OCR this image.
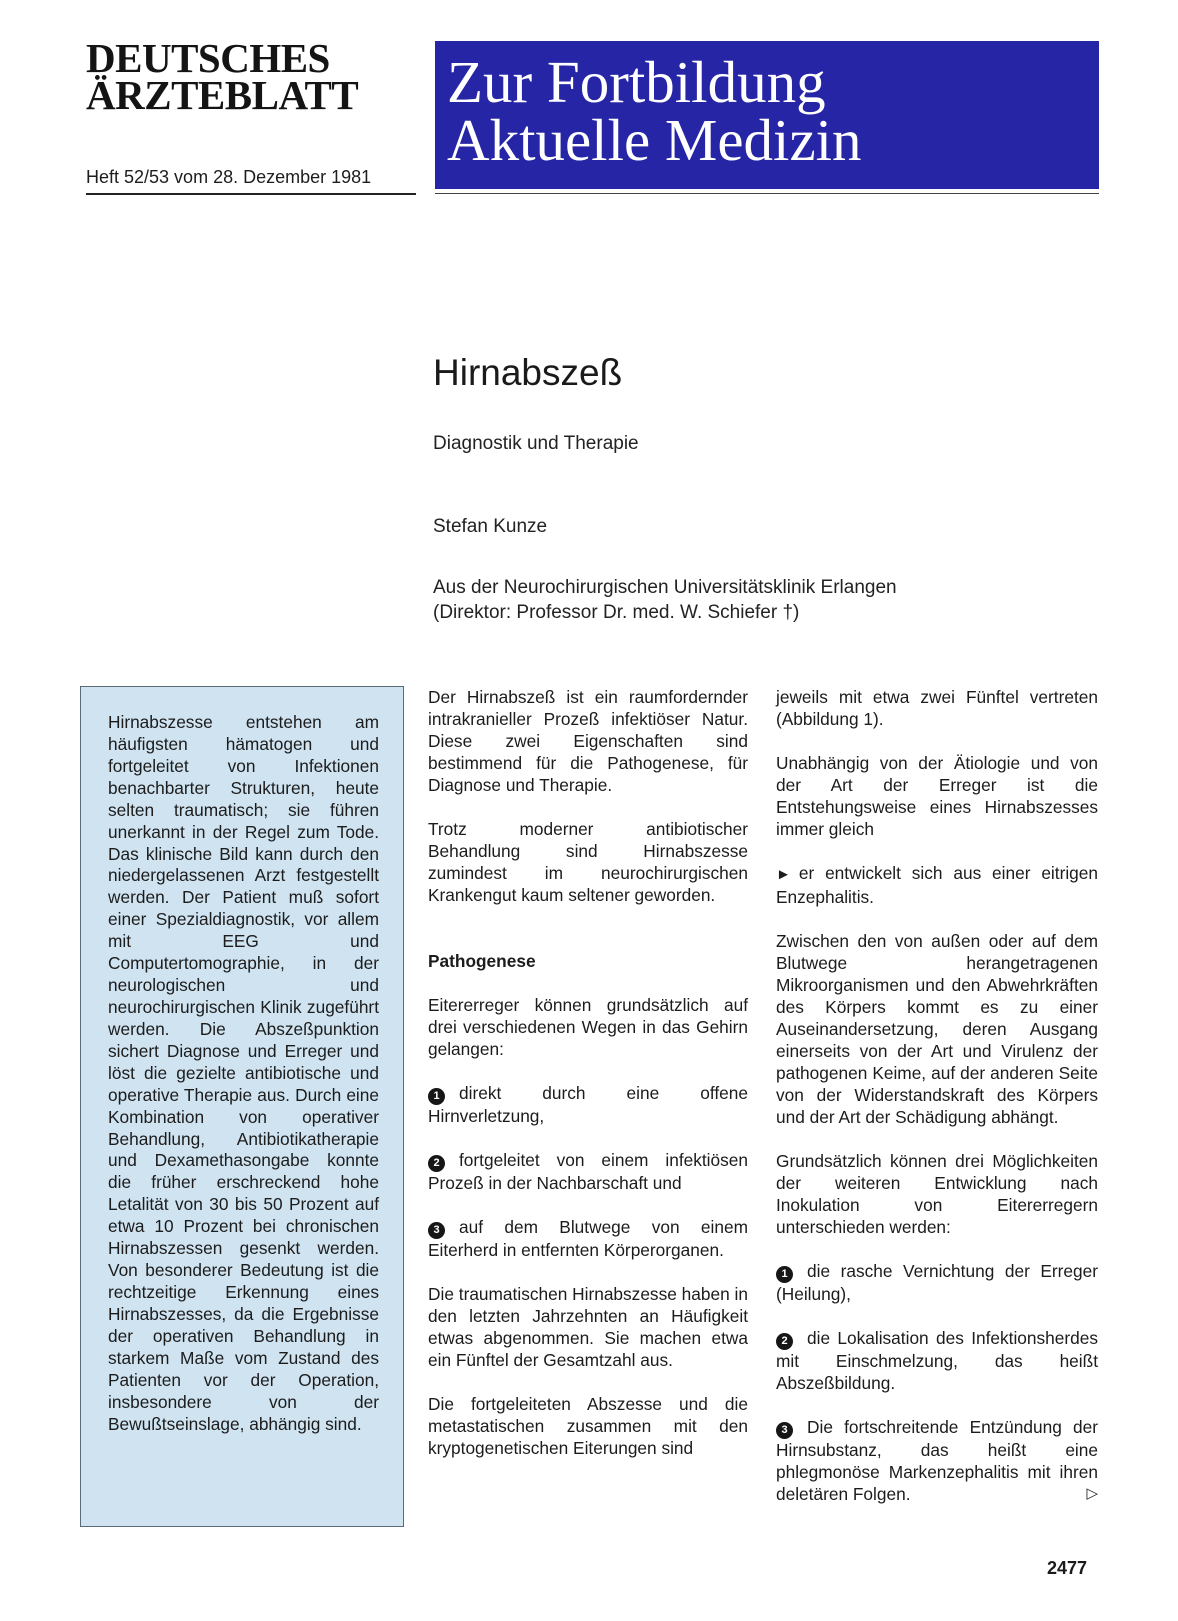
DEUTSCHES
ÄRZTEBLATT
Heft 52/53 vom 28. Dezember 1981
Zur Fortbildung
Aktuelle Medizin
Hirnabszeß
Diagnostik und Therapie
Stefan Kunze
Aus der Neurochirurgischen Universitätsklinik Erlangen
(Direktor: Professor Dr. med. W. Schiefer †)

Hirnabszesse entstehen am häufigsten hämatogen und fortgeleitet von Infektionen benachbarter Strukturen, heute selten traumatisch; sie führen unerkannt in der Regel zum Tode. Das klinische Bild kann durch den niedergelassenen Arzt festgestellt werden. Der Patient muß sofort einer Spezialdiagnostik, vor allem mit EEG und Computertomographie, in der neurologischen und neurochirurgischen Klinik zugeführt werden. Die Abszeßpunktion sichert Diagnose und Erreger und löst die gezielte antibiotische und operative Therapie aus. Durch eine Kombination von operativer Behandlung, Antibiotikatherapie und Dexamethasongabe konnte die früher erschreckend hohe Letalität von 30 bis 50 Prozent auf etwa 10 Prozent bei chronischen Hirnabszessen gesenkt werden. Von besonderer Bedeutung ist die rechtzeitige Erkennung eines Hirnabszesses, da die Ergebnisse der operativen Behandlung in starkem Maße vom Zustand des Patienten vor der Operation, insbesondere von der Bewußtseinslage, abhängig sind.

Der Hirnabszeß ist ein raumfordernder intrakranieller Prozeß infektiöser Natur. Diese zwei Eigenschaften sind bestimmend für die Pathogenese, für Diagnose und Therapie.

Trotz moderner antibiotischer Behandlung sind Hirnabszesse zumindest im neurochirurgischen Krankengut kaum seltener geworden.

Pathogenese

Eitererreger können grundsätzlich auf drei verschiedenen Wegen in das Gehirn gelangen:

1 direkt durch eine offene Hirnverletzung,

2 fortgeleitet von einem infektiösen Prozeß in der Nachbarschaft und

3 auf dem Blutwege von einem Eiterherd in entfernten Körperorganen.

Die traumatischen Hirnabszesse haben in den letzten Jahrzehnten an Häufigkeit etwas abgenommen. Sie machen etwa ein Fünftel der Gesamtzahl aus.

Die fortgeleiteten Abszesse und die metastatischen zusammen mit den kryptogenetischen Eiterungen sind

jeweils mit etwa zwei Fünftel vertreten (Abbildung 1).

Unabhängig von der Ätiologie und von der Art der Erreger ist die Entstehungsweise eines Hirnabszesses immer gleich

► er entwickelt sich aus einer eitrigen Enzephalitis.

Zwischen den von außen oder auf dem Blutwege herangetragenen Mikroorganismen und den Abwehrkräften des Körpers kommt es zu einer Auseinandersetzung, deren Ausgang einerseits von der Art und Virulenz der pathogenen Keime, auf der anderen Seite von der Widerstandskraft des Körpers und der Art der Schädigung abhängt.

Grundsätzlich können drei Möglichkeiten der weiteren Entwicklung nach Inokulation von Eitererregern unterschieden werden:

1 die rasche Vernichtung der Erreger (Heilung),

2 die Lokalisation des Infektionsherdes mit Einschmelzung, das heißt Abszeßbildung.

3 Die fortschreitende Entzündung der Hirnsubstanz, das heißt eine phlegmonöse Markenzephalitis mit ihren deletären Folgen.	▷

2477
